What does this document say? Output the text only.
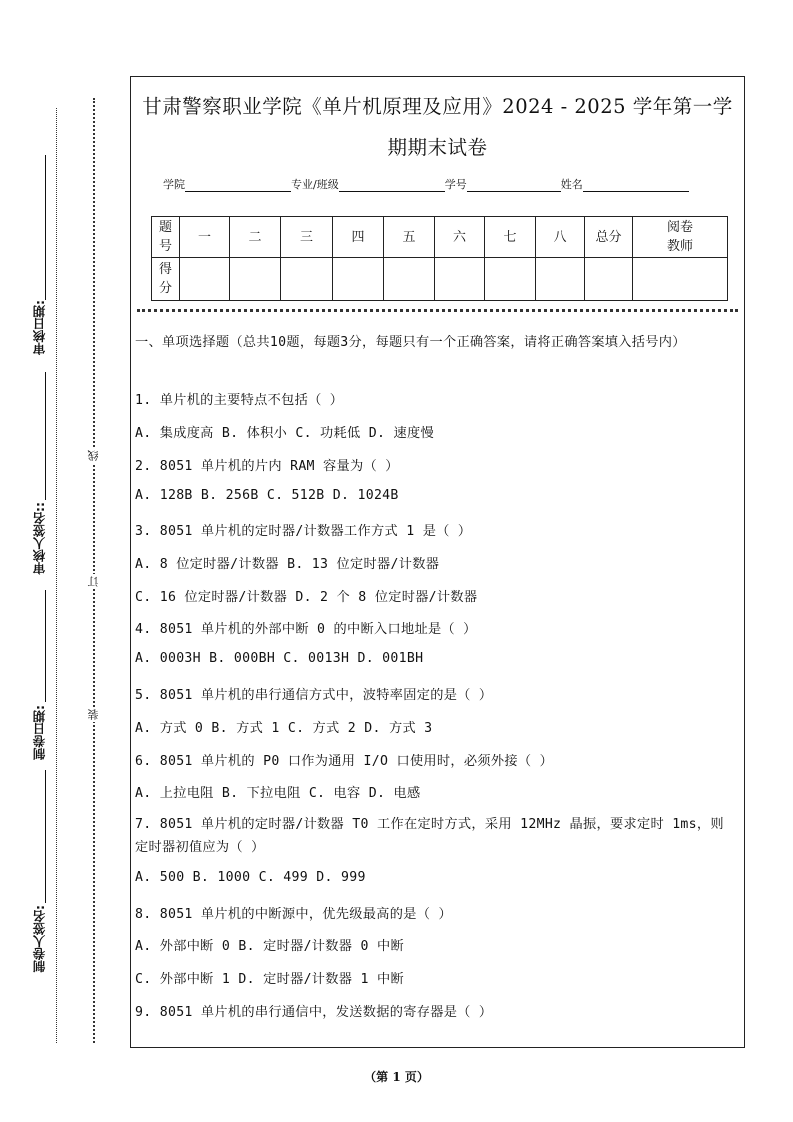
审核日期:
审核人签名::
制卷日期:
制卷人签名:
线
订
装
甘肃警察职业学院《单片机原理及应用》2024 - 2025 学年第一学
期期末试卷
学院	专业/班级	学号	姓名
题号	一	二	三	四	五	六	七	八	总分	阅卷教师
得分										
一、单项选择题（总共10题，每题3分，每题只有一个正确答案，请将正确答案填入括号内）
1. 单片机的主要特点不包括（ ）
A. 集成度高 B. 体积小 C. 功耗低 D. 速度慢
2. 8051 单片机的片内 RAM 容量为（ ）
A. 128B B. 256B C. 512B D. 1024B
3. 8051 单片机的定时器/计数器工作方式 1 是（ ）
A. 8 位定时器/计数器 B. 13 位定时器/计数器
C. 16 位定时器/计数器 D. 2 个 8 位定时器/计数器
4. 8051 单片机的外部中断 0 的中断入口地址是（ ）
A. 0003H B. 000BH C. 0013H D. 001BH
5. 8051 单片机的串行通信方式中，波特率固定的是（ ）
A. 方式 0 B. 方式 1 C. 方式 2 D. 方式 3
6. 8051 单片机的 P0 口作为通用 I/O 口使用时，必须外接（ ）
A. 上拉电阻 B. 下拉电阻 C. 电容 D. 电感
7. 8051 单片机的定时器/计数器 T0 工作在定时方式，采用 12MHz 晶振，要求定时 1ms，则定时器初值应为（ ）
A. 500 B. 1000 C. 499 D. 999
8. 8051 单片机的中断源中，优先级最高的是（ ）
A. 外部中断 0 B. 定时器/计数器 0 中断
C. 外部中断 1 D. 定时器/计数器 1 中断
9. 8051 单片机的串行通信中，发送数据的寄存器是（ ）
（第 1 页）
